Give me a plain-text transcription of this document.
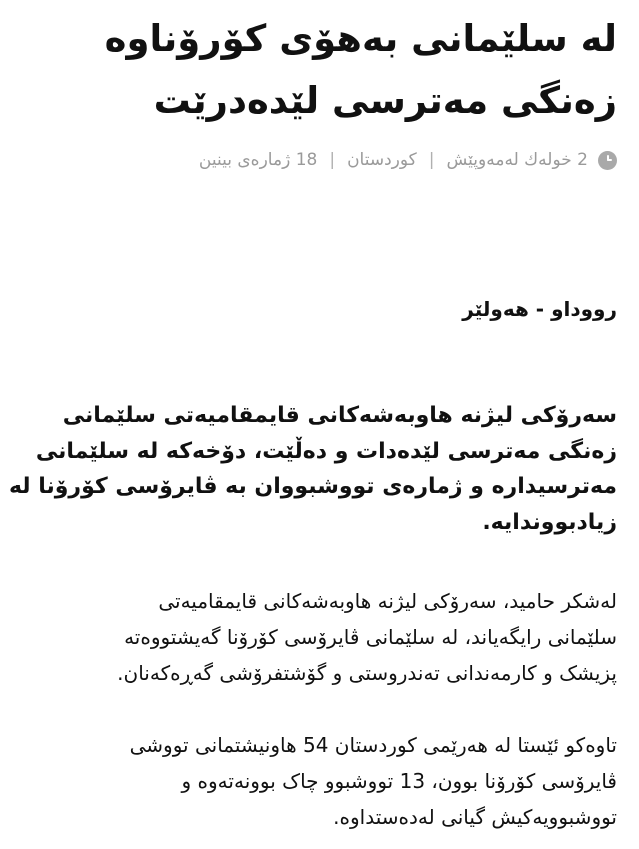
له سلێمانی بەهۆی کۆرۆناوە
زەنگی مەترسی لێدەدرێت
2 خولەك لەمەوپێش
|
كوردستان
|
18 ژمارەی بینین
رووداو - هەولێر

سەرۆکی لیژنە هاوبەشەکانی قایمقامیەتی سلێمانی
زەنگی مەترسی لێدەدات و دەڵێت، دۆخەکە لە سلێمانی
مەترسیدارە و ژمارەی تووشبووان بە ڤایرۆسی کۆرۆنا لە
زیادبووندایە.

لەشکر حامید، سەرۆکی لیژنە هاوبەشەکانی قایمقامیەتی
سلێمانی رایگەیاند، لە سلێمانی ڤایرۆسی کۆرۆنا گەیشتووەتە
پزیشک و کارمەندانی تەندروستی و گۆشتفرۆشی گەڕەکەنان.

تاوەکو ئێستا لە هەرێمی کوردستان 54 هاونیشتمانی تووشی
ڤایرۆسی کۆرۆنا بوون، 13 تووشبوو چاک بوونەتەوە و
تووشبوویەکیش گیانی لەدەستداوە.
